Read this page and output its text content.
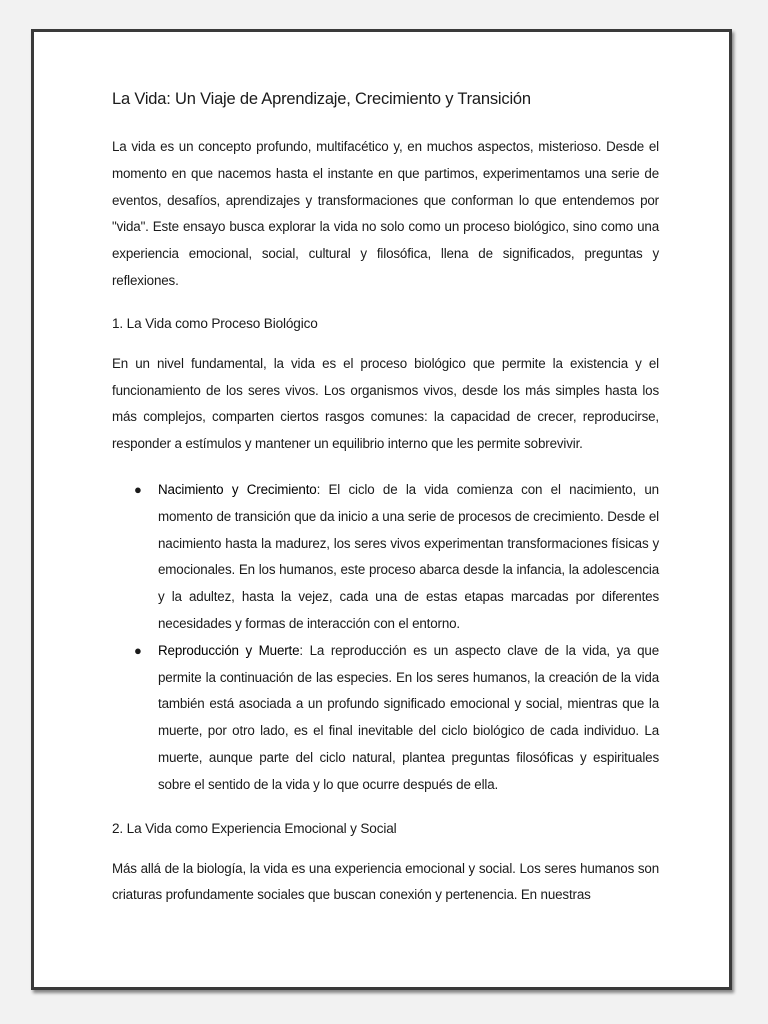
La Vida: Un Viaje de Aprendizaje, Crecimiento y Transición

La vida es un concepto profundo, multifacético y, en muchos aspectos, misterioso. Desde el momento en que nacemos hasta el instante en que partimos, experimentamos una serie de eventos, desafíos, aprendizajes y transformaciones que conforman lo que entendemos por "vida". Este ensayo busca explorar la vida no solo como un proceso biológico, sino como una experiencia emocional, social, cultural y filosófica, llena de significados, preguntas y reflexiones.

1. La Vida como Proceso Biológico

En un nivel fundamental, la vida es el proceso biológico que permite la existencia y el funcionamiento de los seres vivos. Los organismos vivos, desde los más simples hasta los más complejos, comparten ciertos rasgos comunes: la capacidad de crecer, reproducirse, responder a estímulos y mantener un equilibrio interno que les permite sobrevivir.

● Nacimiento y Crecimiento: El ciclo de la vida comienza con el nacimiento, un momento de transición que da inicio a una serie de procesos de crecimiento. Desde el nacimiento hasta la madurez, los seres vivos experimentan transformaciones físicas y emocionales. En los humanos, este proceso abarca desde la infancia, la adolescencia y la adultez, hasta la vejez, cada una de estas etapas marcadas por diferentes necesidades y formas de interacción con el entorno.
● Reproducción y Muerte: La reproducción es un aspecto clave de la vida, ya que permite la continuación de las especies. En los seres humanos, la creación de la vida también está asociada a un profundo significado emocional y social, mientras que la muerte, por otro lado, es el final inevitable del ciclo biológico de cada individuo. La muerte, aunque parte del ciclo natural, plantea preguntas filosóficas y espirituales sobre el sentido de la vida y lo que ocurre después de ella.
2. La Vida como Experiencia Emocional y Social

Más allá de la biología, la vida es una experiencia emocional y social. Los seres humanos son criaturas profundamente sociales que buscan conexión y pertenencia. En nuestras
